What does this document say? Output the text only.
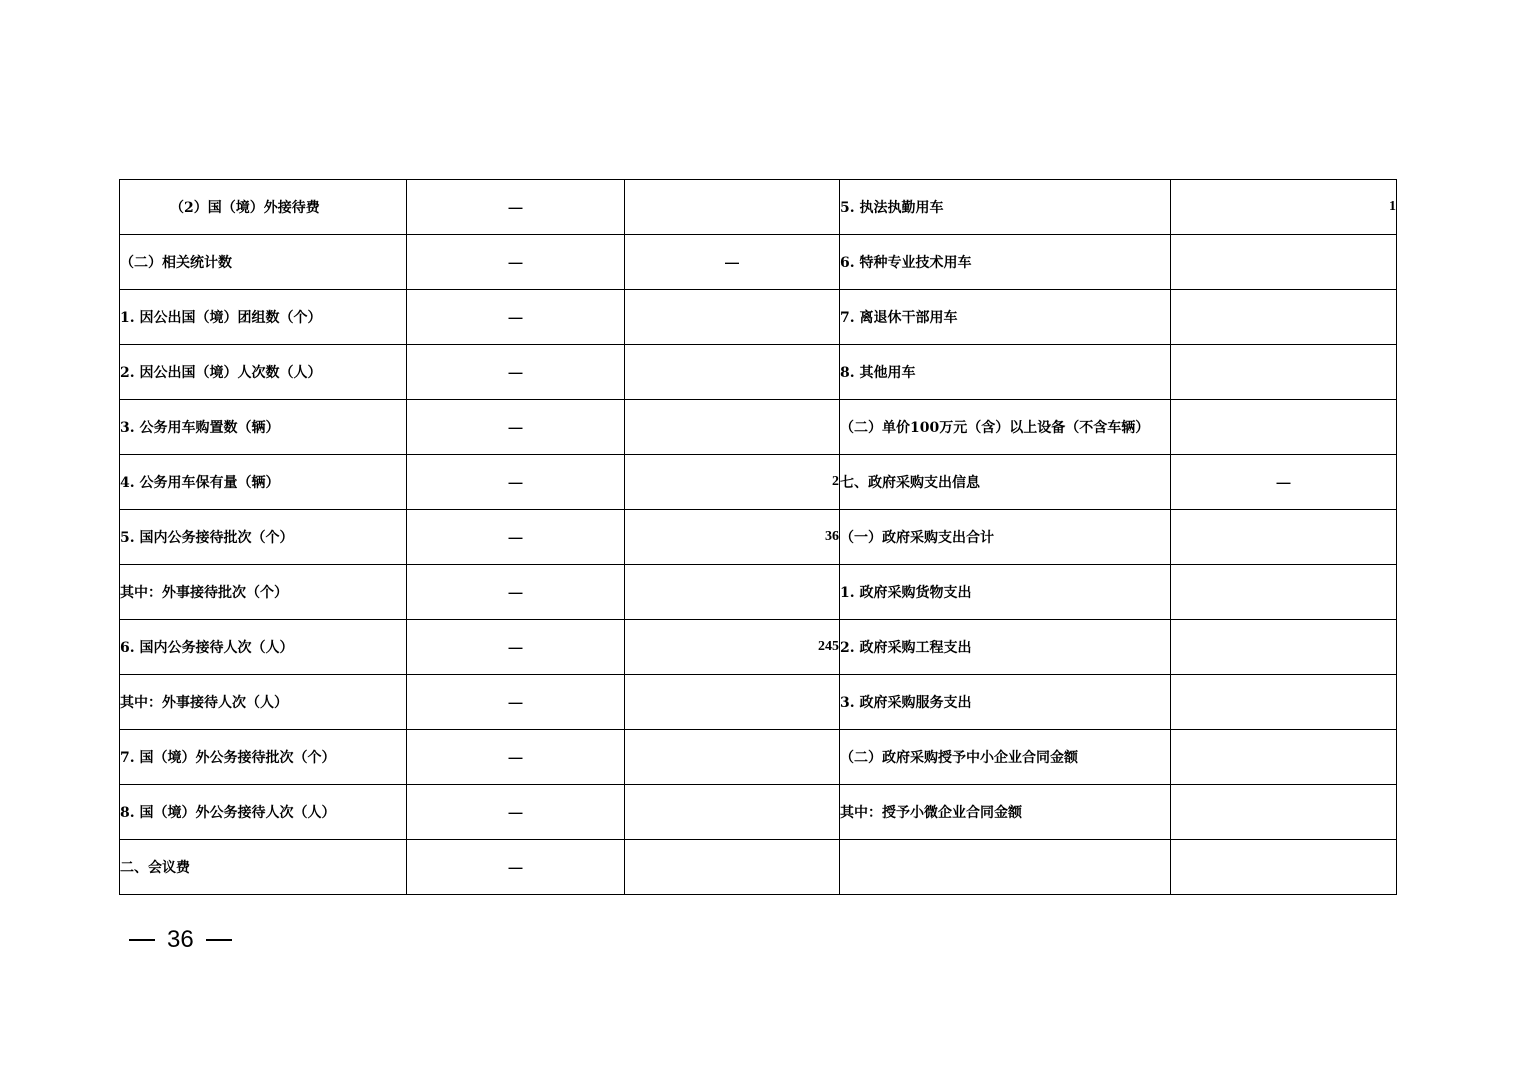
（2）国（境）外接待费	—		5. 执法执勤用车	1
（二）相关统计数	—	—	6. 特种专业技术用车	
1. 因公出国（境）团组数（个）	—		7. 离退休干部用车	
2. 因公出国（境）人次数（人）	—		8. 其他用车	
3. 公务用车购置数（辆）	—		（二）单价100万元（含）以上设备（不含车辆）	
4. 公务用车保有量（辆）	—	2	七、政府采购支出信息	—
5. 国内公务接待批次（个）	—	36	（一）政府采购支出合计	
其中：外事接待批次（个）	—		1. 政府采购货物支出	
6. 国内公务接待人次（人）	—	245	2. 政府采购工程支出	
其中：外事接待人次（人）	—		3. 政府采购服务支出	
7. 国（境）外公务接待批次（个）	—		（二）政府采购授予中小企业合同金额	
8. 国（境）外公务接待人次（人）	—		其中：授予小微企业合同金额	
二、会议费	—			
36
